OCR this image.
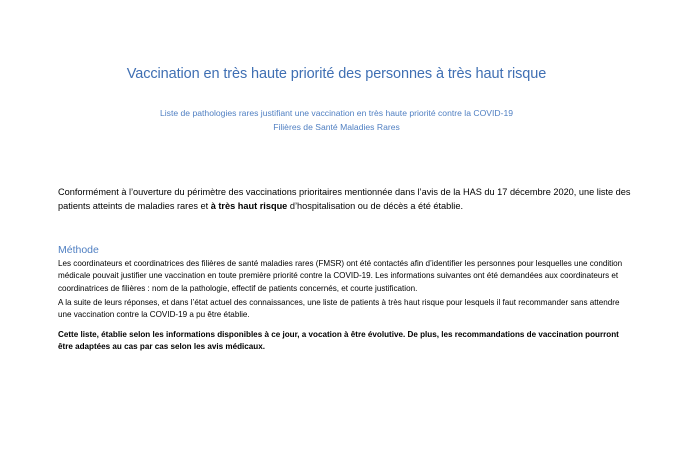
Vaccination en très haute priorité des personnes à très haut risque
Liste de pathologies rares justifiant une vaccination en très haute priorité contre la COVID-19
Filières de Santé Maladies Rares
Conformément à l’ouverture du périmètre des vaccinations prioritaires mentionnée dans l’avis de la HAS du 17 décembre 2020, une liste des patients atteints de maladies rares et à très haut risque d’hospitalisation ou de décès a été établie.
Méthode
Les coordinateurs et coordinatrices des filières de santé maladies rares (FMSR) ont été contactés afin d’identifier les personnes pour lesquelles une condition médicale pouvait justifier une vaccination en toute première priorité contre la COVID-19. Les informations suivantes ont été demandées aux coordinateurs et coordinatrices de filières : nom de la pathologie, effectif de patients concernés, et courte justification.
A la suite de leurs réponses, et dans l’état actuel des connaissances, une liste de patients à très haut risque pour lesquels il faut recommander sans attendre une vaccination contre la COVID-19 a pu être établie.
Cette liste, établie selon les informations disponibles à ce jour, a vocation à être évolutive. De plus, les recommandations de vaccination pourront être adaptées au cas par cas selon les avis médicaux.
